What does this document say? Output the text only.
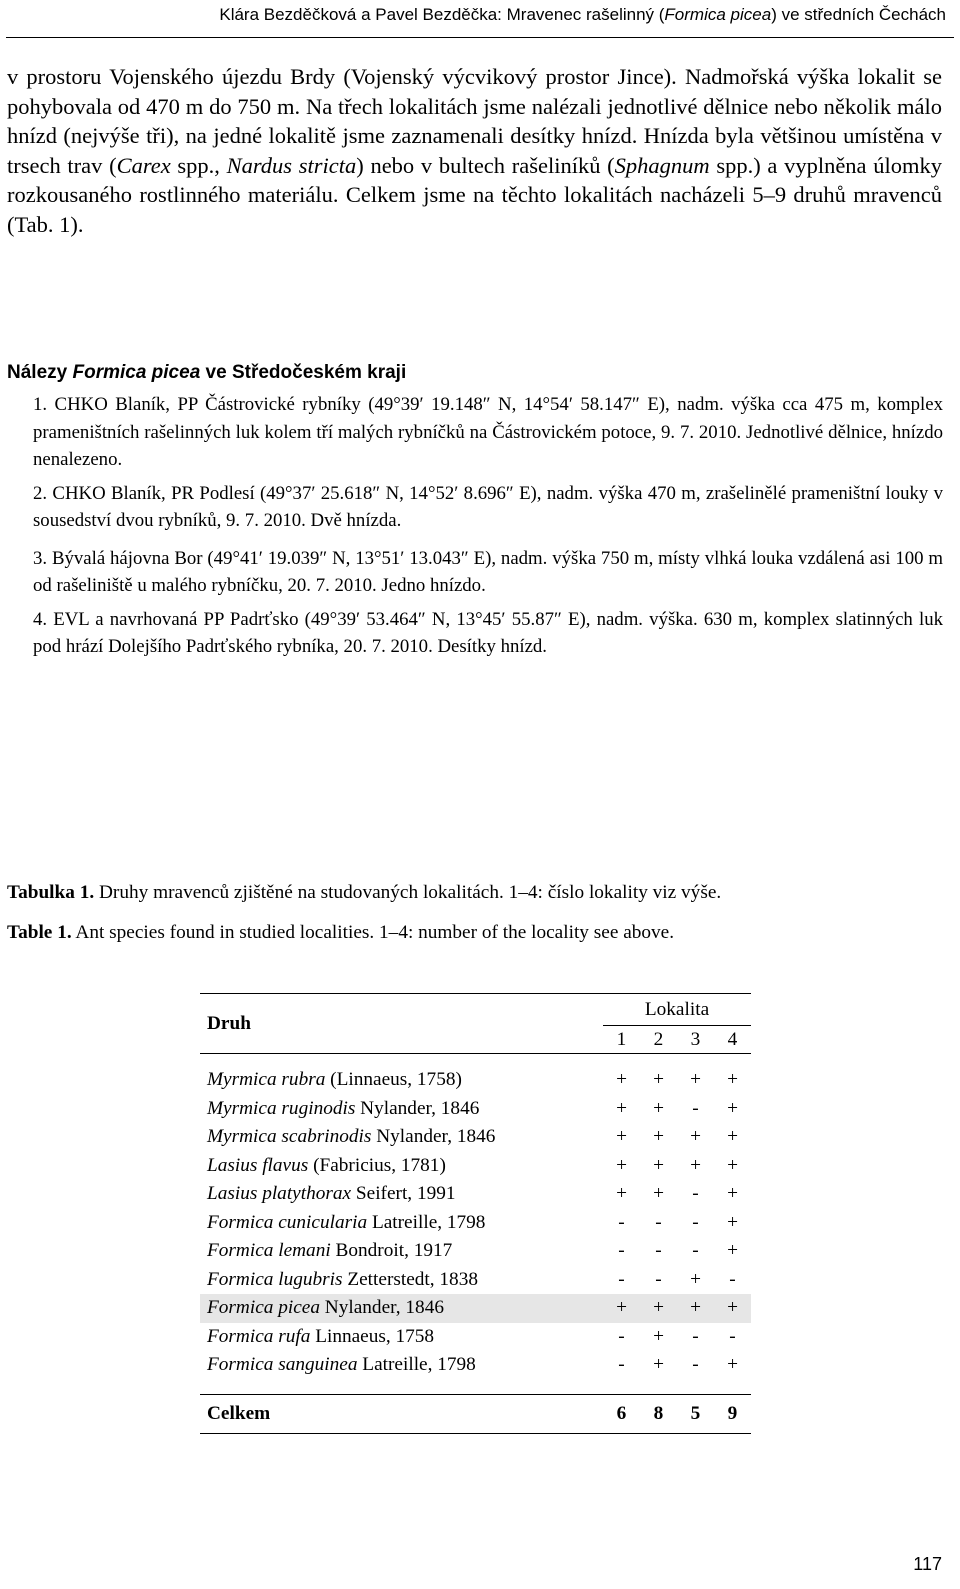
Klára Bezděčková a Pavel Bezděčka: Mravenec rašelinný (Formica picea) ve středních Čechách

v prostoru Vojenského újezdu Brdy (Vojenský výcvikový prostor Jince). Nadmořská výška lokalit se pohybovala od 470 m do 750 m. Na třech lokalitách jsme nalézali jednotlivé dělnice nebo několik málo hnízd (nejvýše tři), na jedné lokalitě jsme zaznamenali desítky hnízd. Hnízda byla většinou umístěna v trsech trav (Carex spp., Nardus stricta) nebo v bultech rašeliníků (Sphagnum spp.) a vyplněna úlomky rozkousaného rostlinného materiálu. Celkem jsme na těchto lokalitách nacházeli 5–9 druhů mravenců (Tab. 1).

Nálezy Formica picea ve Středočeském kraji

1. CHKO Blaník, PP Částrovické rybníky (49°39′ 19.148″ N, 14°54′ 58.147″ E), nadm. výška cca 475 m, komplex prameništních rašelinných luk kolem tří malých rybníčků na Částrovickém potoce, 9. 7. 2010. Jednotlivé dělnice, hnízdo nenalezeno.

2. CHKO Blaník, PR Podlesí (49°37′ 25.618″ N, 14°52′ 8.696″ E), nadm. výška 470 m, zrašelinělé prameništní louky v sousedství dvou rybníků, 9. 7. 2010. Dvě hnízda.

3. Bývalá hájovna Bor (49°41′ 19.039″ N, 13°51′ 13.043″ E), nadm. výška 750 m, místy vlhká louka vzdálená asi 100 m od rašeliniště u malého rybníčku, 20. 7. 2010. Jedno hnízdo.

4. EVL a navrhovaná PP Padrťsko (49°39′ 53.464″ N, 13°45′ 55.87″ E), nadm. výška. 630 m, komplex slatinných luk pod hrází Dolejšího Padrťského rybníka, 20. 7. 2010. Desítky hnízd.

Tabulka 1. Druhy mravenců zjištěné na studovaných lokalitách. 1–4: číslo lokality viz výše.
Table 1. Ant species found in studied localities. 1–4: number of the locality see above.
Druh	Lokalita			
	1	2	3	4
Myrmica rubra (Linnaeus, 1758)	+	+	+	+
Myrmica ruginodis Nylander, 1846	+	+	-	+
Myrmica scabrinodis Nylander, 1846	+	+	+	+
Lasius flavus (Fabricius, 1781)	+	+	+	+
Lasius platythorax Seifert, 1991	+	+	-	+
Formica cunicularia Latreille, 1798	-	-	-	+
Formica lemani Bondroit, 1917	-	-	-	+
Formica lugubris Zetterstedt, 1838	-	-	+	-
Formica picea Nylander, 1846	+	+	+	+
Formica rufa Linnaeus, 1758	-	+	-	-
Formica sanguinea Latreille, 1798	-	+	-	+

Celkem	6	8	5	9
117
